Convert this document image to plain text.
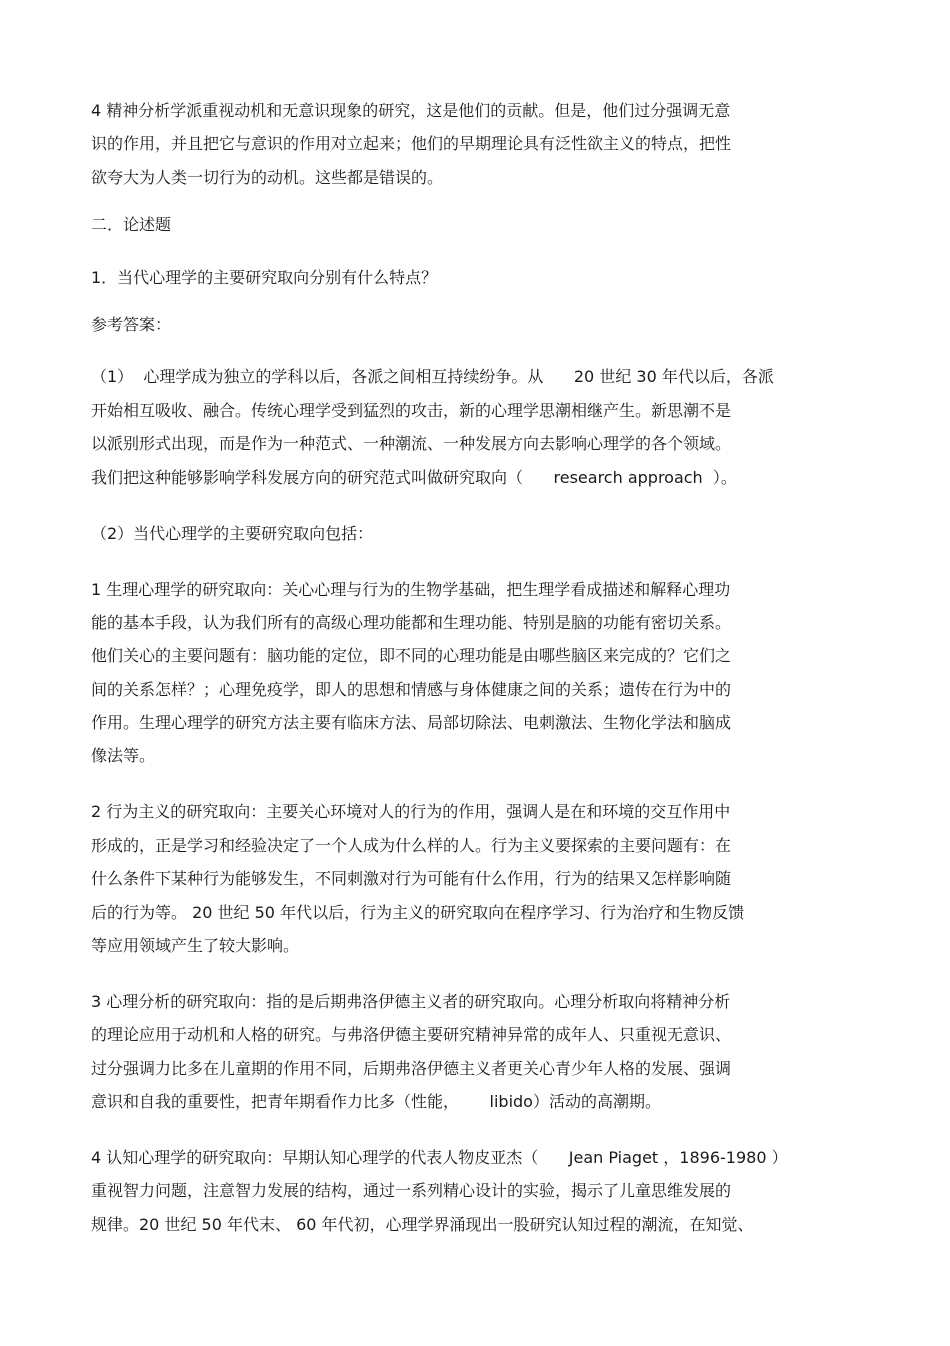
4 精神分析学派重视动机和无意识现象的研究，这是他们的贡献。但是，他们过分强调无意
识的作用，并且把它与意识的作用对立起来；他们的早期理论具有泛性欲主义的特点，把性
欲夸大为人类一切行为的动机。这些都是错误的。
二．论述题
1．当代心理学的主要研究取向分别有什么特点？
参考答案：
（1）  心理学成为独立的学科以后，各派之间相互持续纷争。从      20 世纪 30 年代以后，各派
开始相互吸收、融合。传统心理学受到猛烈的攻击，新的心理学思潮相继产生。新思潮不是
以派别形式出现，而是作为一种范式、一种潮流、一种发展方向去影响心理学的各个领域。
我们把这种能够影响学科发展方向的研究范式叫做研究取向（      research approach  ）。
（2）当代心理学的主要研究取向包括：
1 生理心理学的研究取向：关心心理与行为的生物学基础，把生理学看成描述和解释心理功
能的基本手段，认为我们所有的高级心理功能都和生理功能、特别是脑的功能有密切关系。
他们关心的主要问题有：脑功能的定位，即不同的心理功能是由哪些脑区来完成的？它们之
间的关系怎样？；心理免疫学，即人的思想和情感与身体健康之间的关系；遗传在行为中的
作用。生理心理学的研究方法主要有临床方法、局部切除法、电刺激法、生物化学法和脑成
像法等。
2 行为主义的研究取向：主要关心环境对人的行为的作用，强调人是在和环境的交互作用中
形成的，正是学习和经验决定了一个人成为什么样的人。行为主义要探索的主要问题有：在
什么条件下某种行为能够发生，不同刺激对行为可能有什么作用，行为的结果又怎样影响随
后的行为等。 20 世纪 50 年代以后，行为主义的研究取向在程序学习、行为治疗和生物反馈
等应用领域产生了较大影响。
3 心理分析的研究取向：指的是后期弗洛伊德主义者的研究取向。心理分析取向将精神分析
的理论应用于动机和人格的研究。与弗洛伊德主要研究精神异常的成年人、只重视无意识、
过分强调力比多在儿童期的作用不同，后期弗洛伊德主义者更关心青少年人格的发展、强调
意识和自我的重要性，把青年期看作力比多（性能，      libido）活动的高潮期。
4 认知心理学的研究取向：早期认知心理学的代表人物皮亚杰（      Jean Piaget ，1896-1980 ）
重视智力问题，注意智力发展的结构，通过一系列精心设计的实验，揭示了儿童思维发展的
规律。20 世纪 50 年代末、 60 年代初，心理学界涌现出一股研究认知过程的潮流，在知觉、
